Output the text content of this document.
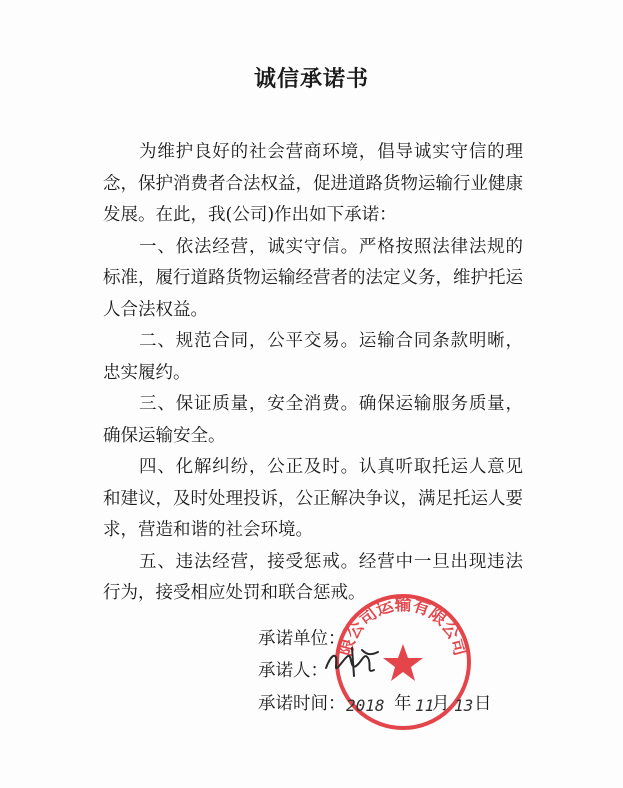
诚信承诺书

为维护良好的社会营商环境，倡导诚实守信的理念，保护消费者合法权益，促进道路货物运输行业健康发展。在此，我(公司)作出如下承诺：

一、依法经营，诚实守信。严格按照法律法规的标准，履行道路货物运输经营者的法定义务，维护托运人合法权益。

二、规范合同，公平交易。运输合同条款明晰，忠实履约。

三、保证质量，安全消费。确保运输服务质量，确保运输安全。

四、化解纠纷，公正及时。认真听取托运人意见和建议，及时处理投诉，公正解决争议，满足托运人要求，营造和谐的社会环境。

五、违法经营，接受惩戒。经营中一旦出现违法行为，接受相应处罚和联合惩戒。

限公司运输有限公司
承诺单位：
承诺人：
承诺时间： 2018 年 11
月 13 日
